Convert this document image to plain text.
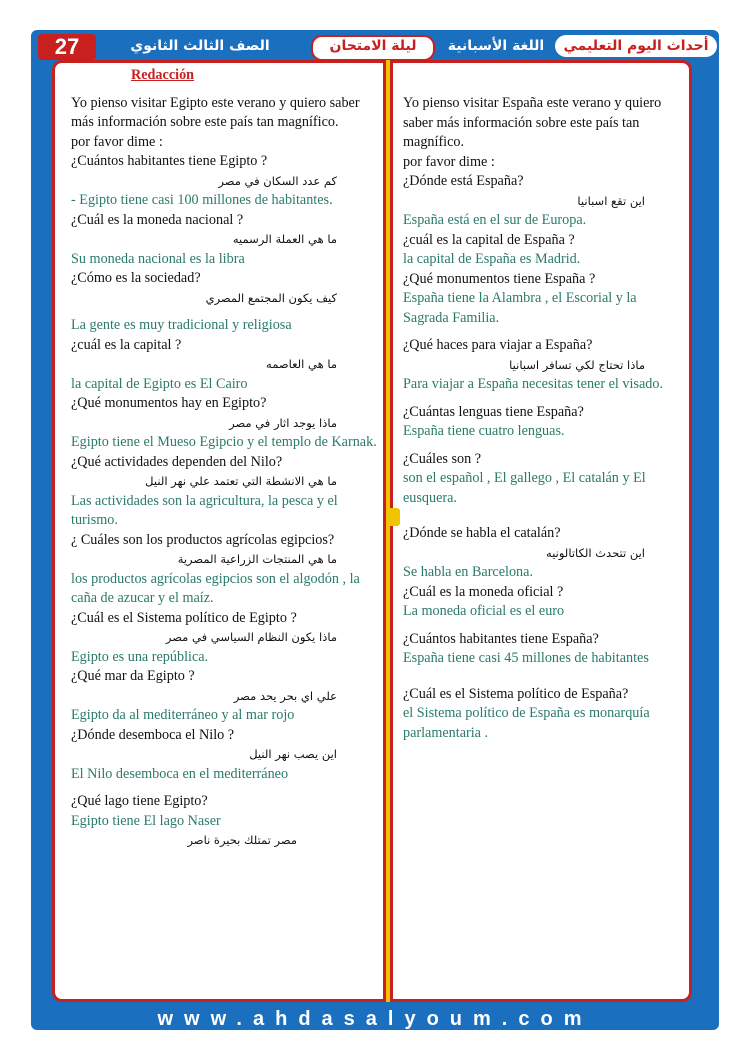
27	الصف الثالث الثانوي	ليلة الامتحان	اللغة الأسبانية	أحداث اليوم التعليمي
Redacción
Yo pienso visitar Egipto este verano y quiero saber más información sobre este país tan magnífico.
por favor dime :
¿Cuántos habitantes tiene Egipto ?
كم عدد السكان في مصر
- Egipto tiene casi 100 millones de habitantes.
¿Cuál es la moneda nacional ?
ما هي العملة الرسميه
Su moneda nacional es la libra
¿Cómo es la sociedad?
كيف يكون المجتمع المصري
La gente es muy tradicional y religiosa
¿cuál es la capital ?
ما هي العاصمه
la capital de Egipto es El Cairo
¿Qué monumentos hay en Egipto?
ماذا يوجد اثار في مصر
Egipto tiene el Mueso Egipcio y el templo de Karnak.
¿Qué actividades dependen del Nilo?
ما هي الانشطة التي تعتمد علي نهر النيل
Las actividades son la agricultura, la pesca y el turismo.
¿ Cuáles son los productos agrícolas egipcios?
ما هي المنتجات الزراعية المصرية
los productos agrícolas egipcios son el algodón , la caña de azucar y el maíz.
¿Cuál es el Sistema político de Egipto ?
ماذا يكون النظام السياسي في مصر
Egipto es una república.
¿Qué mar da Egipto ?
علي اي بحر يحد مصر
Egipto da al mediterráneo y al mar rojo
¿Dónde desemboca el Nilo ?
اين يصب نهر النيل
El Nilo desemboca en el mediterráneo
¿Qué lago tiene Egipto?
Egipto tiene El lago Naser
مصر تمتلك بحيرة ناصر
Yo pienso visitar España este verano y quiero saber más información sobre este país tan magnífico.
por favor dime :
¿Dónde está España?
اين تقع اسبانيا
España está en el sur de Europa.
¿cuál es la capital de España ?
la capital de España es Madrid.
¿Qué monumentos tiene España ?
España tiene la Alambra , el Escorial y la Sagrada Familia.
¿Qué haces para viajar a España?
ماذا تحتاج لكي تسافر اسبانيا
Para viajar a España necesitas tener el visado.
¿Cuántas lenguas tiene España?
España tiene cuatro lenguas.
¿Cuáles son ?
son el español , El gallego , El catalán y El eusquera.
¿Dónde se habla el catalán?
اين تتحدث الكاتالونيه
Se habla en Barcelona.
¿Cuál es la moneda oficial ?
La moneda oficial es el euro
¿Cuántos habitantes tiene España?
España tiene casi 45 millones de habitantes
¿Cuál es el Sistema político de España?
el Sistema político de España es monarquía parlamentaria .
www.ahdasalyoum.com
